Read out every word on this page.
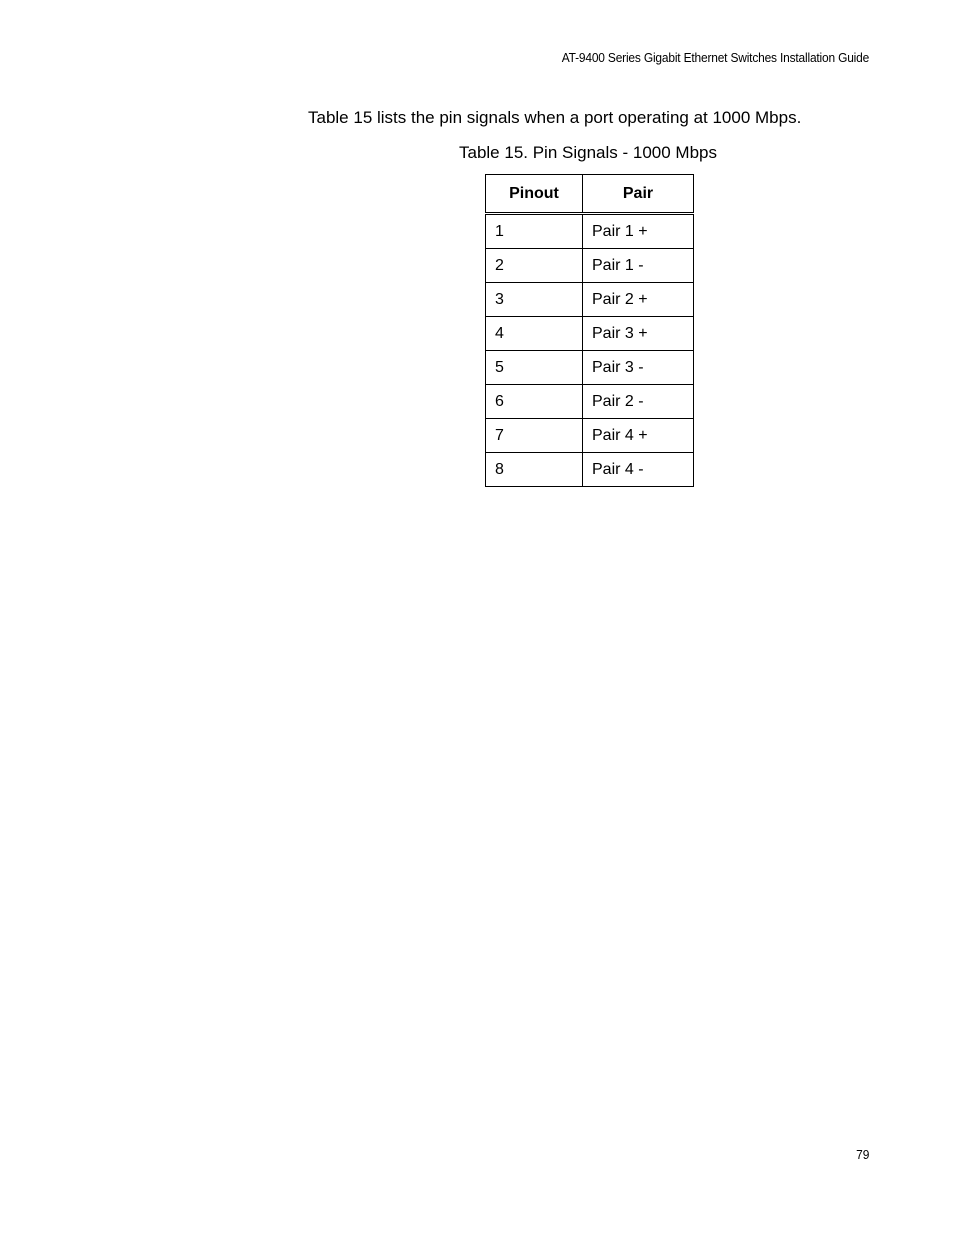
AT-9400 Series Gigabit Ethernet Switches Installation Guide
Table 15 lists the pin signals when a port operating at 1000 Mbps.
Table 15. Pin Signals - 1000 Mbps
Pinout	Pair
1	Pair 1 +
2	Pair 1 -
3	Pair 2 +
4	Pair 3 +
5	Pair 3 -
6	Pair 2 -
7	Pair 4 +
8	Pair 4 -
79
